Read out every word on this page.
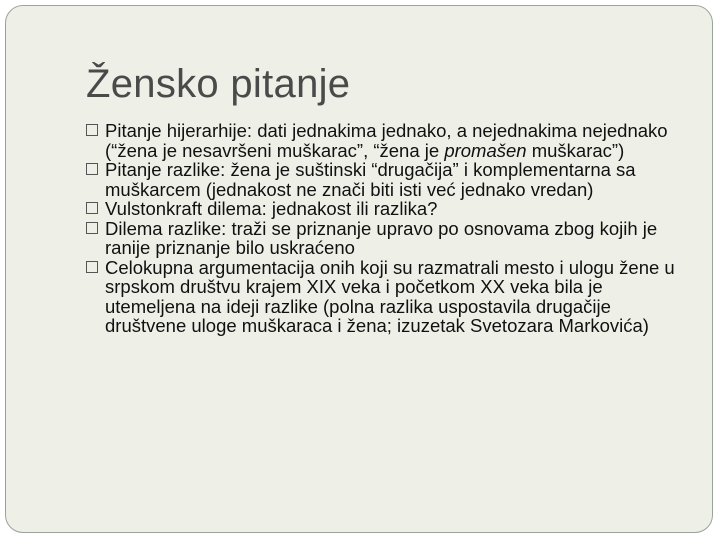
Žensko pitanje
Pitanje hijerarhije: dati jednakima jednako, a nejednakima nejednako (“žena je nesavršeni muškarac”, “žena je promašen muškarac”)
Pitanje razlike: žena je suštinski “drugačija” i komplementarna sa muškarcem (jednakost ne znači biti isti već jednako vredan)
Vulstonkraft dilema: jednakost ili razlika?
Dilema razlike: traži se priznanje upravo po osnovama zbog kojih je ranije priznanje bilo uskraćeno
Celokupna argumentacija onih koji su razmatrali mesto i ulogu žene u srpskom društvu krajem XIX veka i početkom XX veka bila je utemeljena na ideji razlike (polna razlika uspostavila drugačije društvene uloge muškaraca i žena; izuzetak Svetozara Markovića)
